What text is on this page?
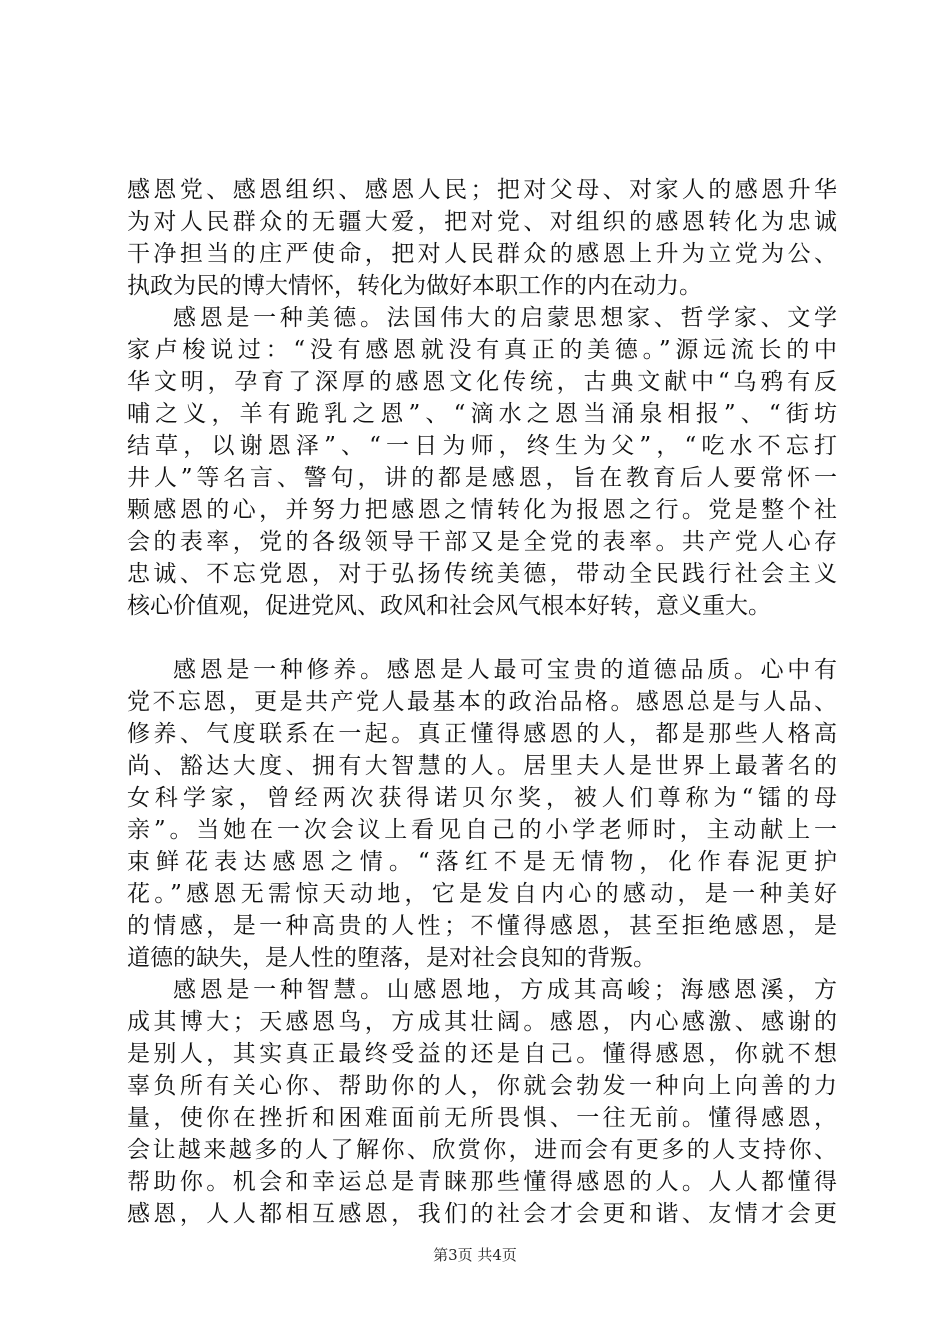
感恩党、感恩组织、感恩人民；把对父母、对家人的感恩升华
为对人民群众的无疆大爱，把对党、对组织的感恩转化为忠诚
干净担当的庄严使命，把对人民群众的感恩上升为立党为公、
执政为民的博大情怀，转化为做好本职工作的内在动力。
感恩是一种美德。法国伟大的启蒙思想家、哲学家、文学
家卢梭说过：“没有感恩就没有真正的美德。”源远流长的中
华文明，孕育了深厚的感恩文化传统，古典文献中“乌鸦有反
哺之义，羊有跪乳之恩”、“滴水之恩当涌泉相报”、“街坊
结草，以谢恩泽”、“一日为师，终生为父”，“吃水不忘打
井人”等名言、警句，讲的都是感恩，旨在教育后人要常怀一
颗感恩的心，并努力把感恩之情转化为报恩之行。党是整个社
会的表率，党的各级领导干部又是全党的表率。共产党人心存
忠诚、不忘党恩，对于弘扬传统美德，带动全民践行社会主义
核心价值观，促进党风、政风和社会风气根本好转，意义重大。
感恩是一种修养。感恩是人最可宝贵的道德品质。心中有
党不忘恩，更是共产党人最基本的政治品格。感恩总是与人品、
修养、气度联系在一起。真正懂得感恩的人，都是那些人格高
尚、豁达大度、拥有大智慧的人。居里夫人是世界上最著名的
女科学家，曾经两次获得诺贝尔奖，被人们尊称为“镭的母
亲”。当她在一次会议上看见自己的小学老师时，主动献上一
束鲜花表达感恩之情。“落红不是无情物，化作春泥更护
花。”感恩无需惊天动地，它是发自内心的感动，是一种美好
的情感，是一种高贵的人性；不懂得感恩，甚至拒绝感恩，是
道德的缺失，是人性的堕落，是对社会良知的背叛。
感恩是一种智慧。山感恩地，方成其高峻；海感恩溪，方
成其博大；天感恩鸟，方成其壮阔。感恩，内心感激、感谢的
是别人，其实真正最终受益的还是自己。懂得感恩，你就不想
辜负所有关心你、帮助你的人，你就会勃发一种向上向善的力
量，使你在挫折和困难面前无所畏惧、一往无前。懂得感恩，
会让越来越多的人了解你、欣赏你，进而会有更多的人支持你、
帮助你。机会和幸运总是青睐那些懂得感恩的人。人人都懂得
感恩，人人都相互感恩，我们的社会才会更和谐、友情才会更
第3页 共4页
